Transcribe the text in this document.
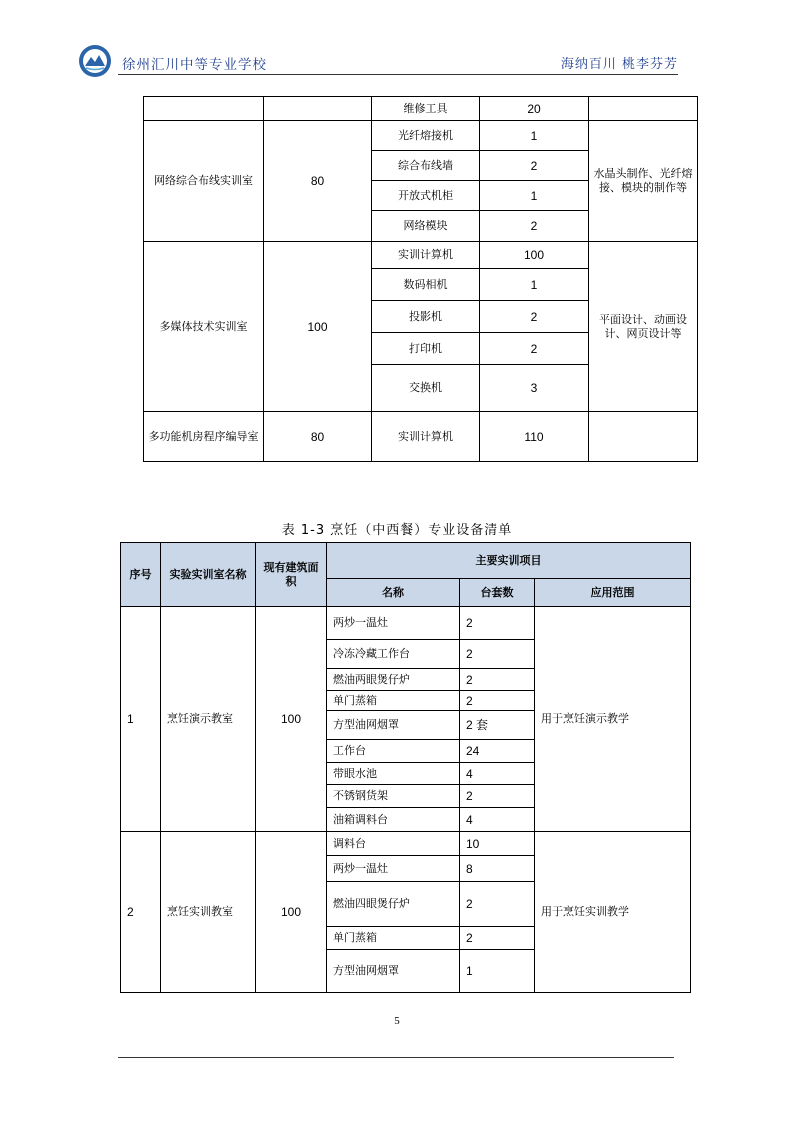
徐州汇川中等专业学校	海纳百川 桃李芬芳
		维修工具	20	
网络综合布线实训室	80	光纤熔接机	1	水晶头制作、光纤熔接、模块的制作等
		综合布线墙	2	
		开放式机柜	1	
		网络模块	2	
多媒体技术实训室	100	实训计算机	100	平面设计、动画设计、网页设计等
		数码相机	1	
		投影机	2	
		打印机	2	
		交换机	3	
多功能机房程序编导室	80	实训计算机	110	
表 1-3 烹饪（中西餐）专业设备清单
序号	实验实训室名称	现有建筑面积	主要实训项目		
			名称	台套数	应用范围
1	烹饪演示教室	100	两炒一温灶	2	用于烹饪演示教学
			冷冻冷藏工作台	2	
			燃油两眼煲仔炉	2	
			单门蒸箱	2	
			方型油网烟罩	2 套	
			工作台	24	
			带眼水池	4	
			不锈钢货架	2	
			油箱调料台	4	
2	烹饪实训教室	100	调料台	10	用于烹饪实训教学
			两炒一温灶	8	
			燃油四眼煲仔炉	2	
			单门蒸箱	2	
			方型油网烟罩	1	
5
